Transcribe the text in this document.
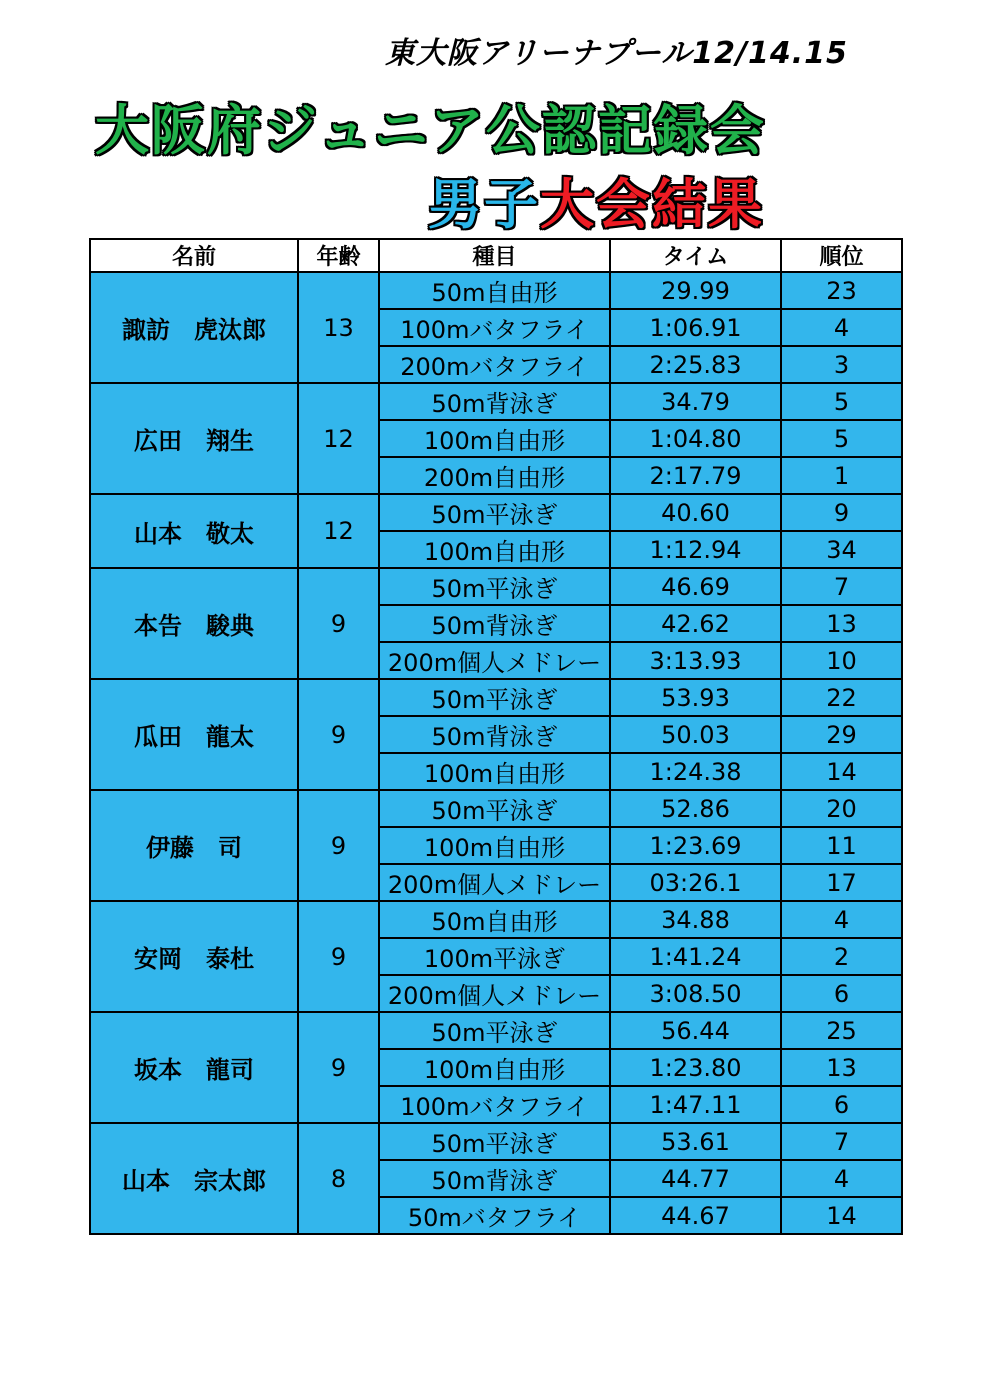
東大阪アリーナプール12/14.15
大阪府ジュニア公認記録会
男子大会結果
名前	年齢	種目	タイム	順位
諏訪　虎汰郎	13	50m自由形	29.99	23
		100mバタフライ	1:06.91	4
		200mバタフライ	2:25.83	3
広田　翔生	12	50m背泳ぎ	34.79	5
		100m自由形	1:04.80	5
		200m自由形	2:17.79	1
山本　敬太	12	50m平泳ぎ	40.60	9
		100m自由形	1:12.94	34
本告　駿典	9	50m平泳ぎ	46.69	7
		50m背泳ぎ	42.62	13
		200m個人メドレー	3:13.93	10
瓜田　龍太	9	50m平泳ぎ	53.93	22
		50m背泳ぎ	50.03	29
		100m自由形	1:24.38	14
伊藤　司	9	50m平泳ぎ	52.86	20
		100m自由形	1:23.69	11
		200m個人メドレー	03:26.1	17
安岡　泰杜	9	50m自由形	34.88	4
		100m平泳ぎ	1:41.24	2
		200m個人メドレー	3:08.50	6
坂本　龍司	9	50m平泳ぎ	56.44	25
		100m自由形	1:23.80	13
		100mバタフライ	1:47.11	6
山本　宗太郎	8	50m平泳ぎ	53.61	7
		50m背泳ぎ	44.77	4
		50mバタフライ	44.67	14
